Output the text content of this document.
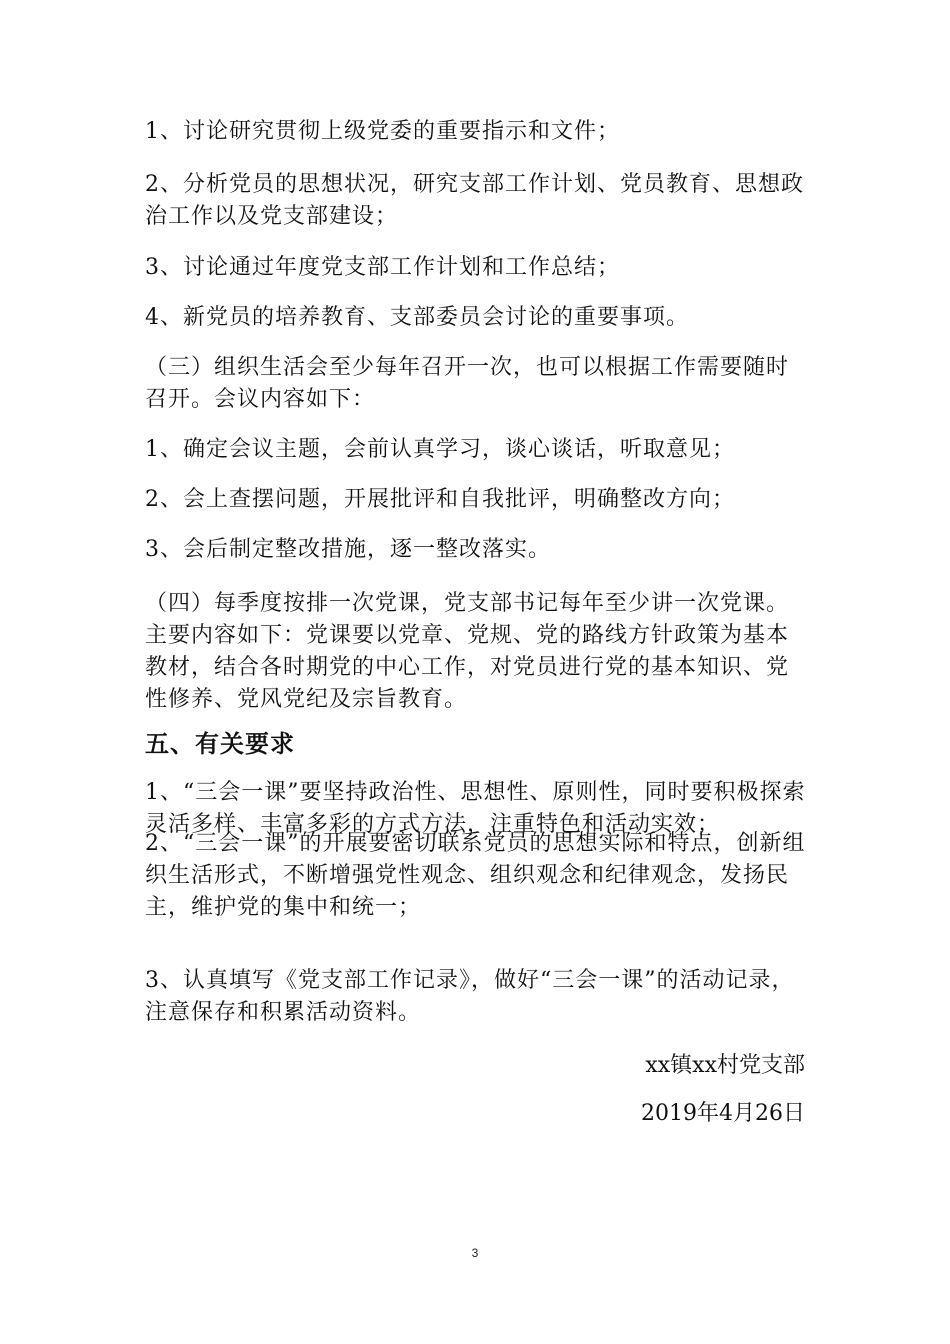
1、讨论研究贯彻上级党委的重要指示和文件；
2、分析党员的思想状况，研究支部工作计划、党员教育、思想政治工作以及党支部建设；
3、讨论通过年度党支部工作计划和工作总结；
4、新党员的培养教育、支部委员会讨论的重要事项。
（三）组织生活会至少每年召开一次，也可以根据工作需要随时召开。会议内容如下：
1、确定会议主题，会前认真学习，谈心谈话，听取意见；
2、会上查摆问题，开展批评和自我批评，明确整改方向；
3、会后制定整改措施，逐一整改落实。
（四）每季度按排一次党课，党支部书记每年至少讲一次党课。主要内容如下：党课要以党章、党规、党的路线方针政策为基本教材，结合各时期党的中心工作，对党员进行党的基本知识、党性修养、党风党纪及宗旨教育。
五、有关要求
1、“三会一课”要坚持政治性、思想性、原则性，同时要积极探索灵活多样、丰富多彩的方式方法，注重特色和活动实效；
2、“三会一课”的开展要密切联系党员的思想实际和特点，创新组织生活形式，不断增强党性观念、组织观念和纪律观念，发扬民主，维护党的集中和统一；
3、认真填写《党支部工作记录》，做好“三会一课”的活动记录，注意保存和积累活动资料。
xx镇xx村党支部
2019年4月26日
3
